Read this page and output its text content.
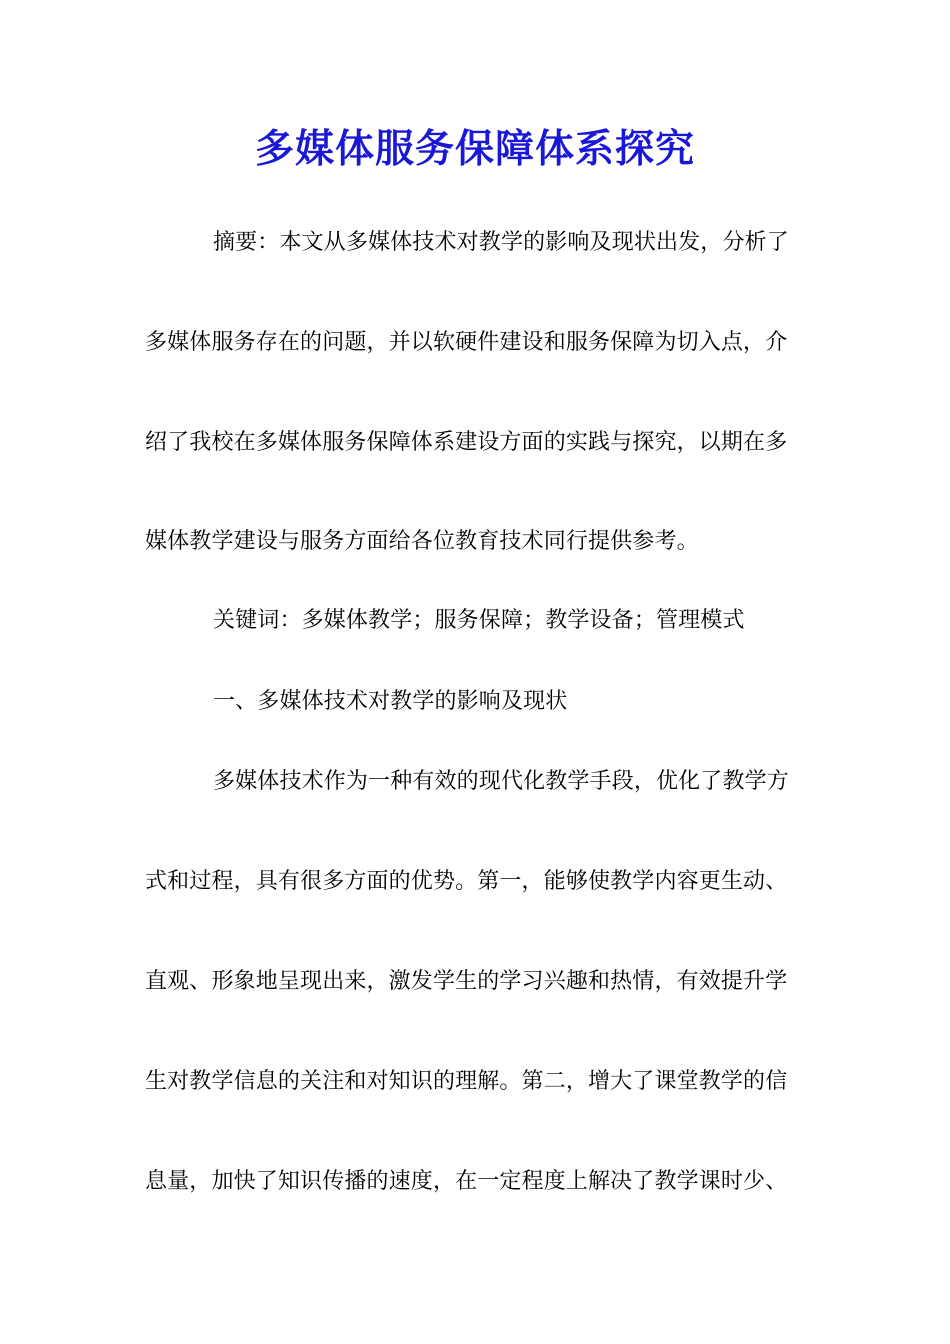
多媒体服务保障体系探究
摘要：本文从多媒体技术对教学的影响及现状出发，分析了
多媒体服务存在的问题，并以软硬件建设和服务保障为切入点，介
绍了我校在多媒体服务保障体系建设方面的实践与探究，以期在多
媒体教学建设与服务方面给各位教育技术同行提供参考。
关键词：多媒体教学；服务保障；教学设备；管理模式
一、多媒体技术对教学的影响及现状
多媒体技术作为一种有效的现代化教学手段，优化了教学方
式和过程，具有很多方面的优势。第一，能够使教学内容更生动、
直观、形象地呈现出来，激发学生的学习兴趣和热情，有效提升学
生对教学信息的关注和对知识的理解。第二，增大了课堂教学的信
息量，加快了知识传播的速度，在一定程度上解决了教学课时少、
